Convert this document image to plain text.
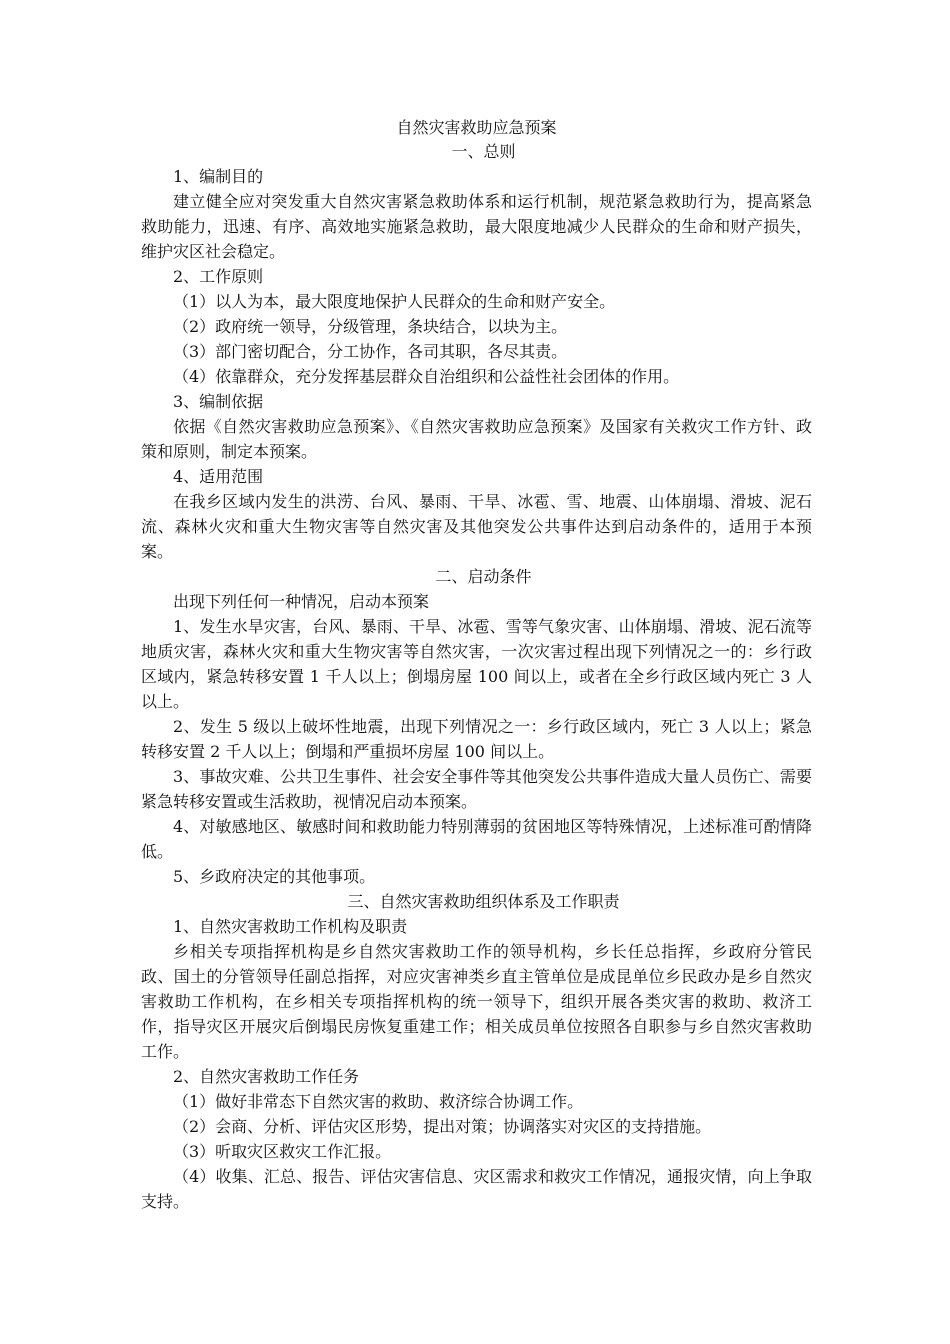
自然灾害救助应急预案

一、总则

1、编制目的

建立健全应对突发重大自然灾害紧急救助体系和运行机制，规范紧急救助行为，提高紧急救助能力，迅速、有序、高效地实施紧急救助，最大限度地减少人民群众的生命和财产损失，维护灾区社会稳定。

2、工作原则

（1）以人为本，最大限度地保护人民群众的生命和财产安全。

（2）政府统一领导，分级管理，条块结合，以块为主。

（3）部门密切配合，分工协作，各司其职，各尽其责。

（4）依靠群众，充分发挥基层群众自治组织和公益性社会团体的作用。

3、编制依据

依据《自然灾害救助应急预案》、《自然灾害救助应急预案》及国家有关救灾工作方针、政策和原则，制定本预案。

4、适用范围

在我乡区域内发生的洪涝、台风、暴雨、干旱、冰雹、雪、地震、山体崩塌、滑坡、泥石流、森林火灾和重大生物灾害等自然灾害及其他突发公共事件达到启动条件的，适用于本预案。

二、启动条件

出现下列任何一种情况，启动本预案

1、发生水旱灾害，台风、暴雨、干旱、冰雹、雪等气象灾害、山体崩塌、滑坡、泥石流等地质灾害，森林火灾和重大生物灾害等自然灾害，一次灾害过程出现下列情况之一的：乡行政区域内，紧急转移安置 1 千人以上；倒塌房屋 100 间以上，或者在全乡行政区域内死亡 3 人以上。

2、发生 5 级以上破坏性地震，出现下列情况之一：乡行政区域内，死亡 3 人以上；紧急转移安置 2 千人以上；倒塌和严重损坏房屋 100 间以上。

3、事故灾难、公共卫生事件、社会安全事件等其他突发公共事件造成大量人员伤亡、需要紧急转移安置或生活救助，视情况启动本预案。

4、对敏感地区、敏感时间和救助能力特别薄弱的贫困地区等特殊情况，上述标准可酌情降低。

5、乡政府决定的其他事项。

三、自然灾害救助组织体系及工作职责

1、自然灾害救助工作机构及职责

乡相关专项指挥机构是乡自然灾害救助工作的领导机构，乡长任总指挥，乡政府分管民政、国土的分管领导任副总指挥，对应灾害神类乡直主管单位是成昆单位乡民政办是乡自然灾害救助工作机构，在乡相关专项指挥机构的统一领导下，组织开展各类灾害的救助、救济工作，指导灾区开展灾后倒塌民房恢复重建工作；相关成员单位按照各自职参与乡自然灾害救助工作。

2、自然灾害救助工作任务

（1）做好非常态下自然灾害的救助、救济综合协调工作。

（2）会商、分析、评估灾区形势，提出对策；协调落实对灾区的支持措施。

（3）听取灾区救灾工作汇报。

（4）收集、汇总、报告、评估灾害信息、灾区需求和救灾工作情况，通报灾情，向上争取支持。
